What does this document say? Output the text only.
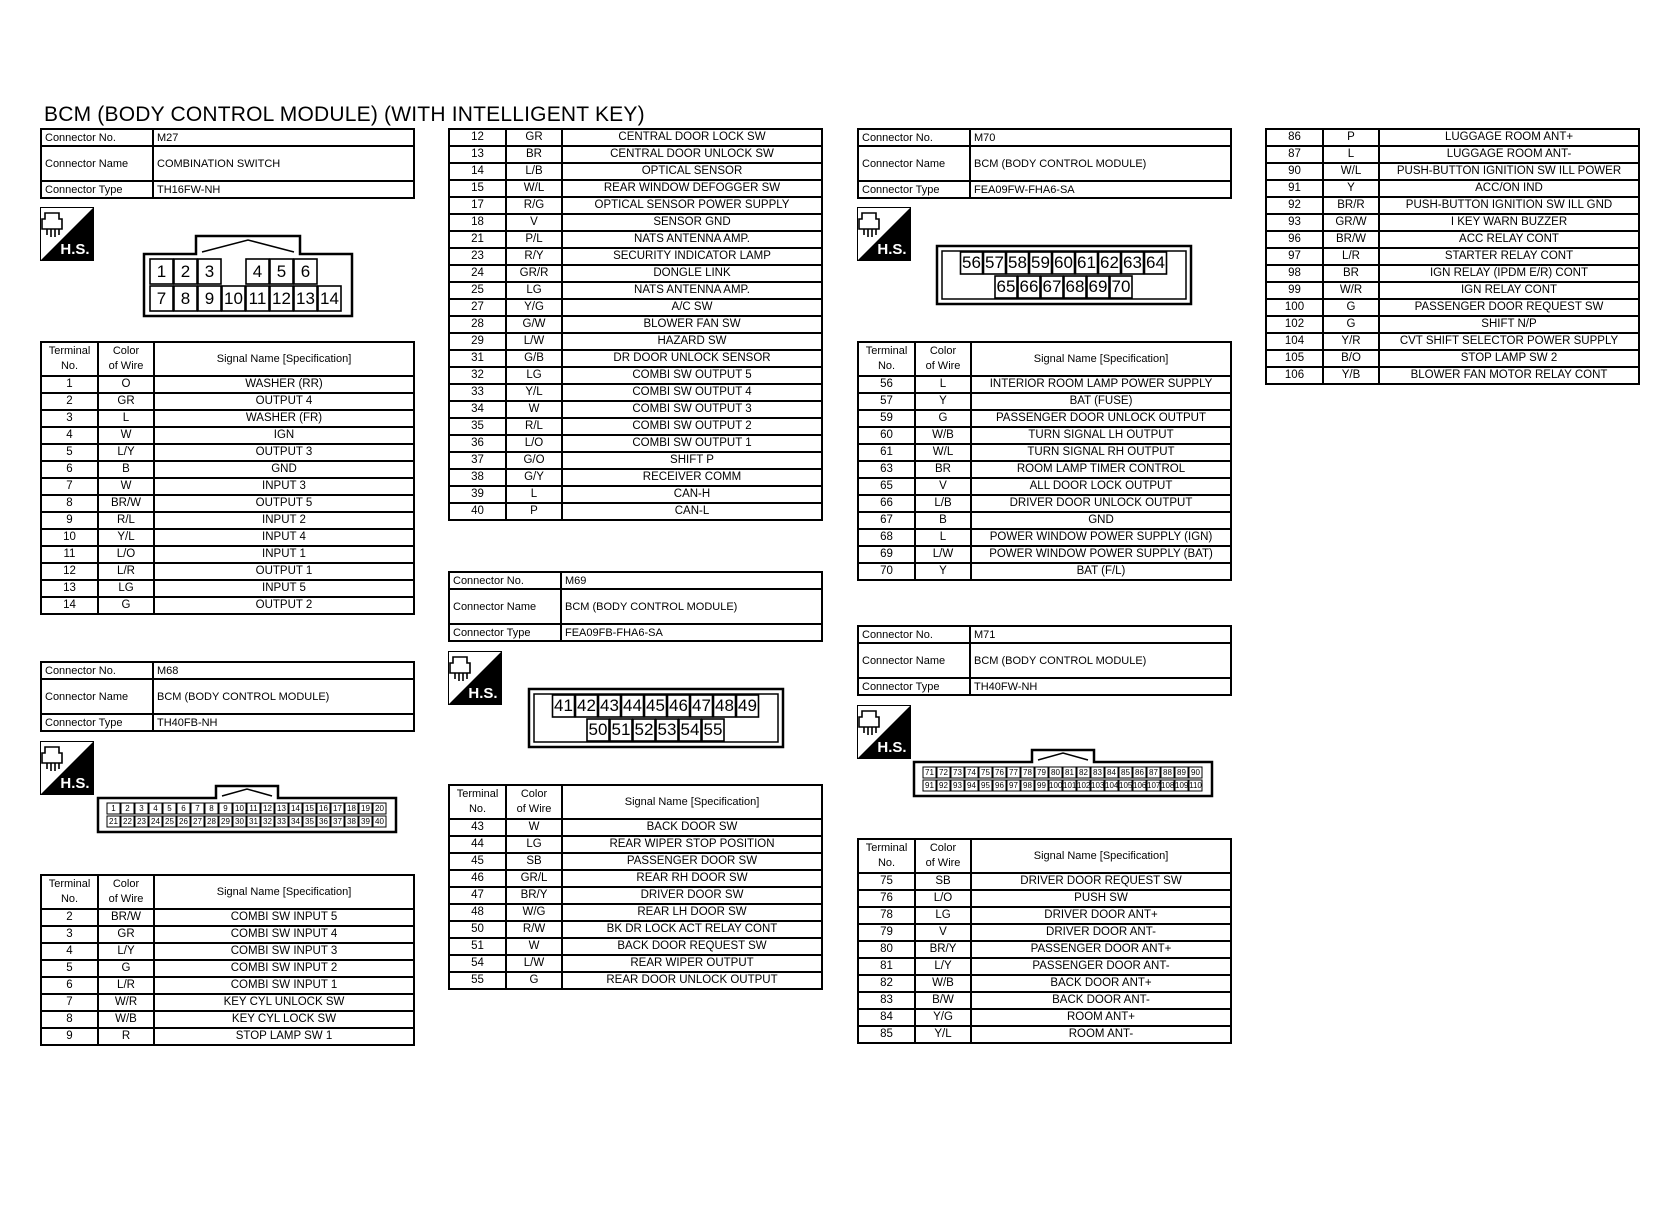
BCM (BODY CONTROL MODULE) (WITH INTELLIGENT KEY)
Connector No.	M27
Connector Name	COMBINATION SWITCH
Connector Type	TH16FW-NH
H.S.
1 2 3	4 5 6
7 8 9 10 11 12 13 14
Terminal
No.	Color
of Wire	Signal Name [Specification]
1	O	WASHER (RR)
2	GR	OUTPUT 4
3	L	WASHER (FR)
4	W	IGN
5	L/Y	OUTPUT 3
6	B	GND
7	W	INPUT 3
8	BR/W	OUTPUT 5
9	R/L	INPUT 2
10	Y/L	INPUT 4
11	L/O	INPUT 1
12	L/R	OUTPUT 1
13	LG	INPUT 5
14	G	OUTPUT 2
Connector No.	M68
Connector Name	BCM (BODY CONTROL MODULE)
Connector Type	TH40FB-NH
H.S.
1	2	3	4	5	6	7	8	9 10 11 12 13 14 15 16 17 18 19 20
21 22 23 24 25 26 27 28 29 30 31 32 33 34 35 36 37 38 39 40
Terminal
No.	Color
of Wire	Signal Name [Specification]
2	BR/W	COMBI SW INPUT 5
3	GR	COMBI SW INPUT 4
4	L/Y	COMBI SW INPUT 3
5	G	COMBI SW INPUT 2
6	L/R	COMBI SW INPUT 1
7	W/R	KEY CYL UNLOCK SW
8	W/B	KEY CYL LOCK SW
9	R	STOP LAMP SW 1
12	GR	CENTRAL DOOR LOCK SW
13	BR	CENTRAL DOOR UNLOCK SW
14	L/B	OPTICAL SENSOR
15	W/L	REAR WINDOW DEFOGGER SW
17	R/G	OPTICAL SENSOR POWER SUPPLY
18	V	SENSOR GND
21	P/L	NATS ANTENNA AMP.
23	R/Y	SECURITY INDICATOR LAMP
24	GR/R	DONGLE LINK
25	LG	NATS ANTENNA AMP.
27	Y/G	A/C SW
28	G/W	BLOWER FAN SW
29	L/W	HAZARD SW
31	G/B	DR DOOR UNLOCK SENSOR
32	LG	COMBI SW OUTPUT 5
33	Y/L	COMBI SW OUTPUT 4
34	W	COMBI SW OUTPUT 3
35	R/L	COMBI SW OUTPUT 2
36	L/O	COMBI SW OUTPUT 1
37	G/O	SHIFT P
38	G/Y	RECEIVER COMM
39	L	CAN-H
40	P	CAN-L
Connector No.	M69
Connector Name	BCM (BODY CONTROL MODULE)
Connector Type	FEA09FB-FHA6-SA
H.S.
41 42 43 44 45 46 47 48 49
50 51 52 53 54 55
Terminal
No.	Color
of Wire	Signal Name [Specification]
43	W	BACK DOOR SW
44	LG	REAR WIPER STOP POSITION
45	SB	PASSENGER DOOR SW
46	GR/L	REAR RH DOOR SW
47	BR/Y	DRIVER DOOR SW
48	W/G	REAR LH DOOR SW
50	R/W	BK DR LOCK ACT RELAY CONT
51	W	BACK DOOR REQUEST SW
54	L/W	REAR WIPER OUTPUT
55	G	REAR DOOR UNLOCK OUTPUT
Connector No.	M70
Connector Name	BCM (BODY CONTROL MODULE)
Connector Type	FEA09FW-FHA6-SA
H.S.
56 57 58 59 60 61 62 63 64
65 66 67 68 69 70
Terminal
No.	Color
of Wire	Signal Name [Specification]
56	L	INTERIOR ROOM LAMP POWER SUPPLY
57	Y	BAT (FUSE)
59	G	PASSENGER DOOR UNLOCK OUTPUT
60	W/B	TURN SIGNAL LH OUTPUT
61	W/L	TURN SIGNAL RH OUTPUT
63	BR	ROOM LAMP TIMER CONTROL
65	V	ALL DOOR LOCK OUTPUT
66	L/B	DRIVER DOOR UNLOCK OUTPUT
67	B	GND
68	L	POWER WINDOW POWER SUPPLY (IGN)
69	L/W	POWER WINDOW POWER SUPPLY (BAT)
70	Y	BAT (F/L)
Connector No.	M71
Connector Name	BCM (BODY CONTROL MODULE)
Connector Type	TH40FW-NH
H.S.
71 72 73 74 75 76 77 78 79 80 81 82 83 84 85 86 87 88 89 90
91 92 93 94 95 96 97 98 99 100 101 102 103 104 105 106 107 108 109 110
Terminal
No.	Color
of Wire	Signal Name [Specification]
75	SB	DRIVER DOOR REQUEST SW
76	L/O	PUSH SW
78	LG	DRIVER DOOR ANT+
79	V	DRIVER DOOR ANT-
80	BR/Y	PASSENGER DOOR ANT+
81	L/Y	PASSENGER DOOR ANT-
82	W/B	BACK DOOR ANT+
83	B/W	BACK DOOR ANT-
84	Y/G	ROOM ANT+
85	Y/L	ROOM ANT-
86	P	LUGGAGE ROOM ANT+
87	L	LUGGAGE ROOM ANT-
90	W/L	PUSH-BUTTON IGNITION SW ILL POWER
91	Y	ACC/ON IND
92	BR/R	PUSH-BUTTON IGNITION SW ILL GND
93	GR/W	I KEY WARN BUZZER
96	BR/W	ACC RELAY CONT
97	L/R	STARTER RELAY CONT
98	BR	IGN RELAY (IPDM E/R) CONT
99	W/R	IGN RELAY CONT
100	G	PASSENGER DOOR REQUEST SW
102	G	SHIFT N/P
104	Y/R	CVT SHIFT SELECTOR POWER SUPPLY
105	B/O	STOP LAMP SW 2
106	Y/B	BLOWER FAN MOTOR RELAY CONT
